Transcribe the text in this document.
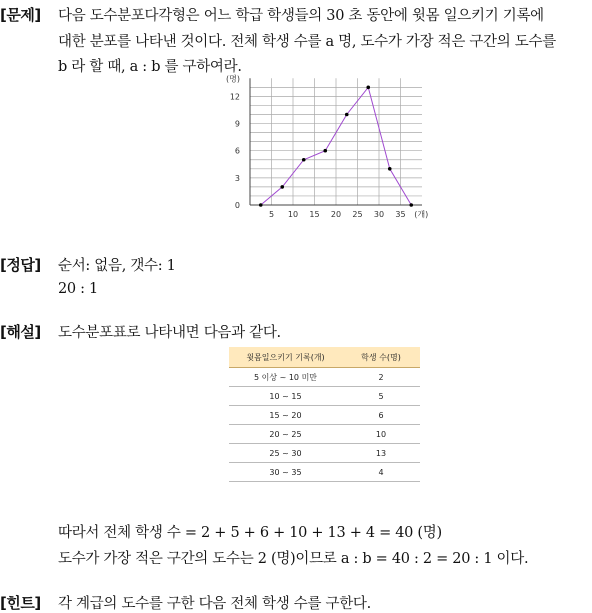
[문제] 다음 도수분포다각형은 어느 학급 학생들의 30 초 동안에 윗몸 일으키기 기록에
대한 분포를 나타낸 것이다. 전체 학생 수를 a 명, 도수가 가장 적은 구간의 도수를
b 라 할 때, a : b 를 구하여라.
5 10 15 20 25 30 35
0
3
6
9
12
(명)
(개)
[정답] 순서: 없음, 갯수: 1
20 : 1
[해설] 도수분포표로 나타내면 다음과 같다.
윗몸일으키기 기록(개)	학생 수(명)
5 이상 ~ 10 미만	2
10 ~ 15	5
15 ~ 20	6
20 ~ 25	10
25 ~ 30	13
30 ~ 35	4
따라서 전체 학생 수 = 2 + 5 + 6 + 10 + 13 + 4 = 40 (명)
도수가 가장 적은 구간의 도수는 2 (명)이므로 a : b = 40 : 2 = 20 : 1 이다.
[힌트] 각 계급의 도수를 구한 다음 전체 학생 수를 구한다.
